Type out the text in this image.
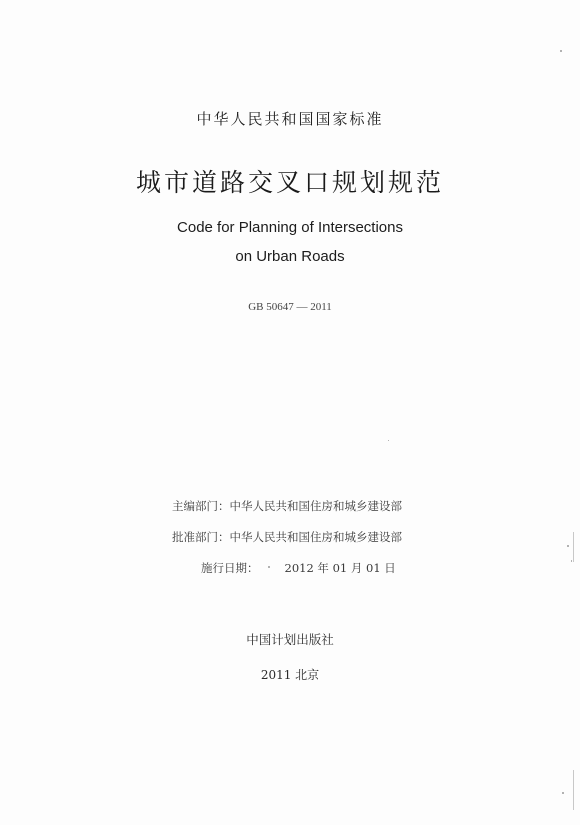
中华人民共和国国家标准
城市道路交叉口规划规范
Code for Planning of Intersections
on Urban Roads
GB 50647 — 2011
主编部门：中华人民共和国住房和城乡建设部
批准部门：中华人民共和国住房和城乡建设部
施行日期： 2012 年 01 月 01 日
中国计划出版社
2011 北京
